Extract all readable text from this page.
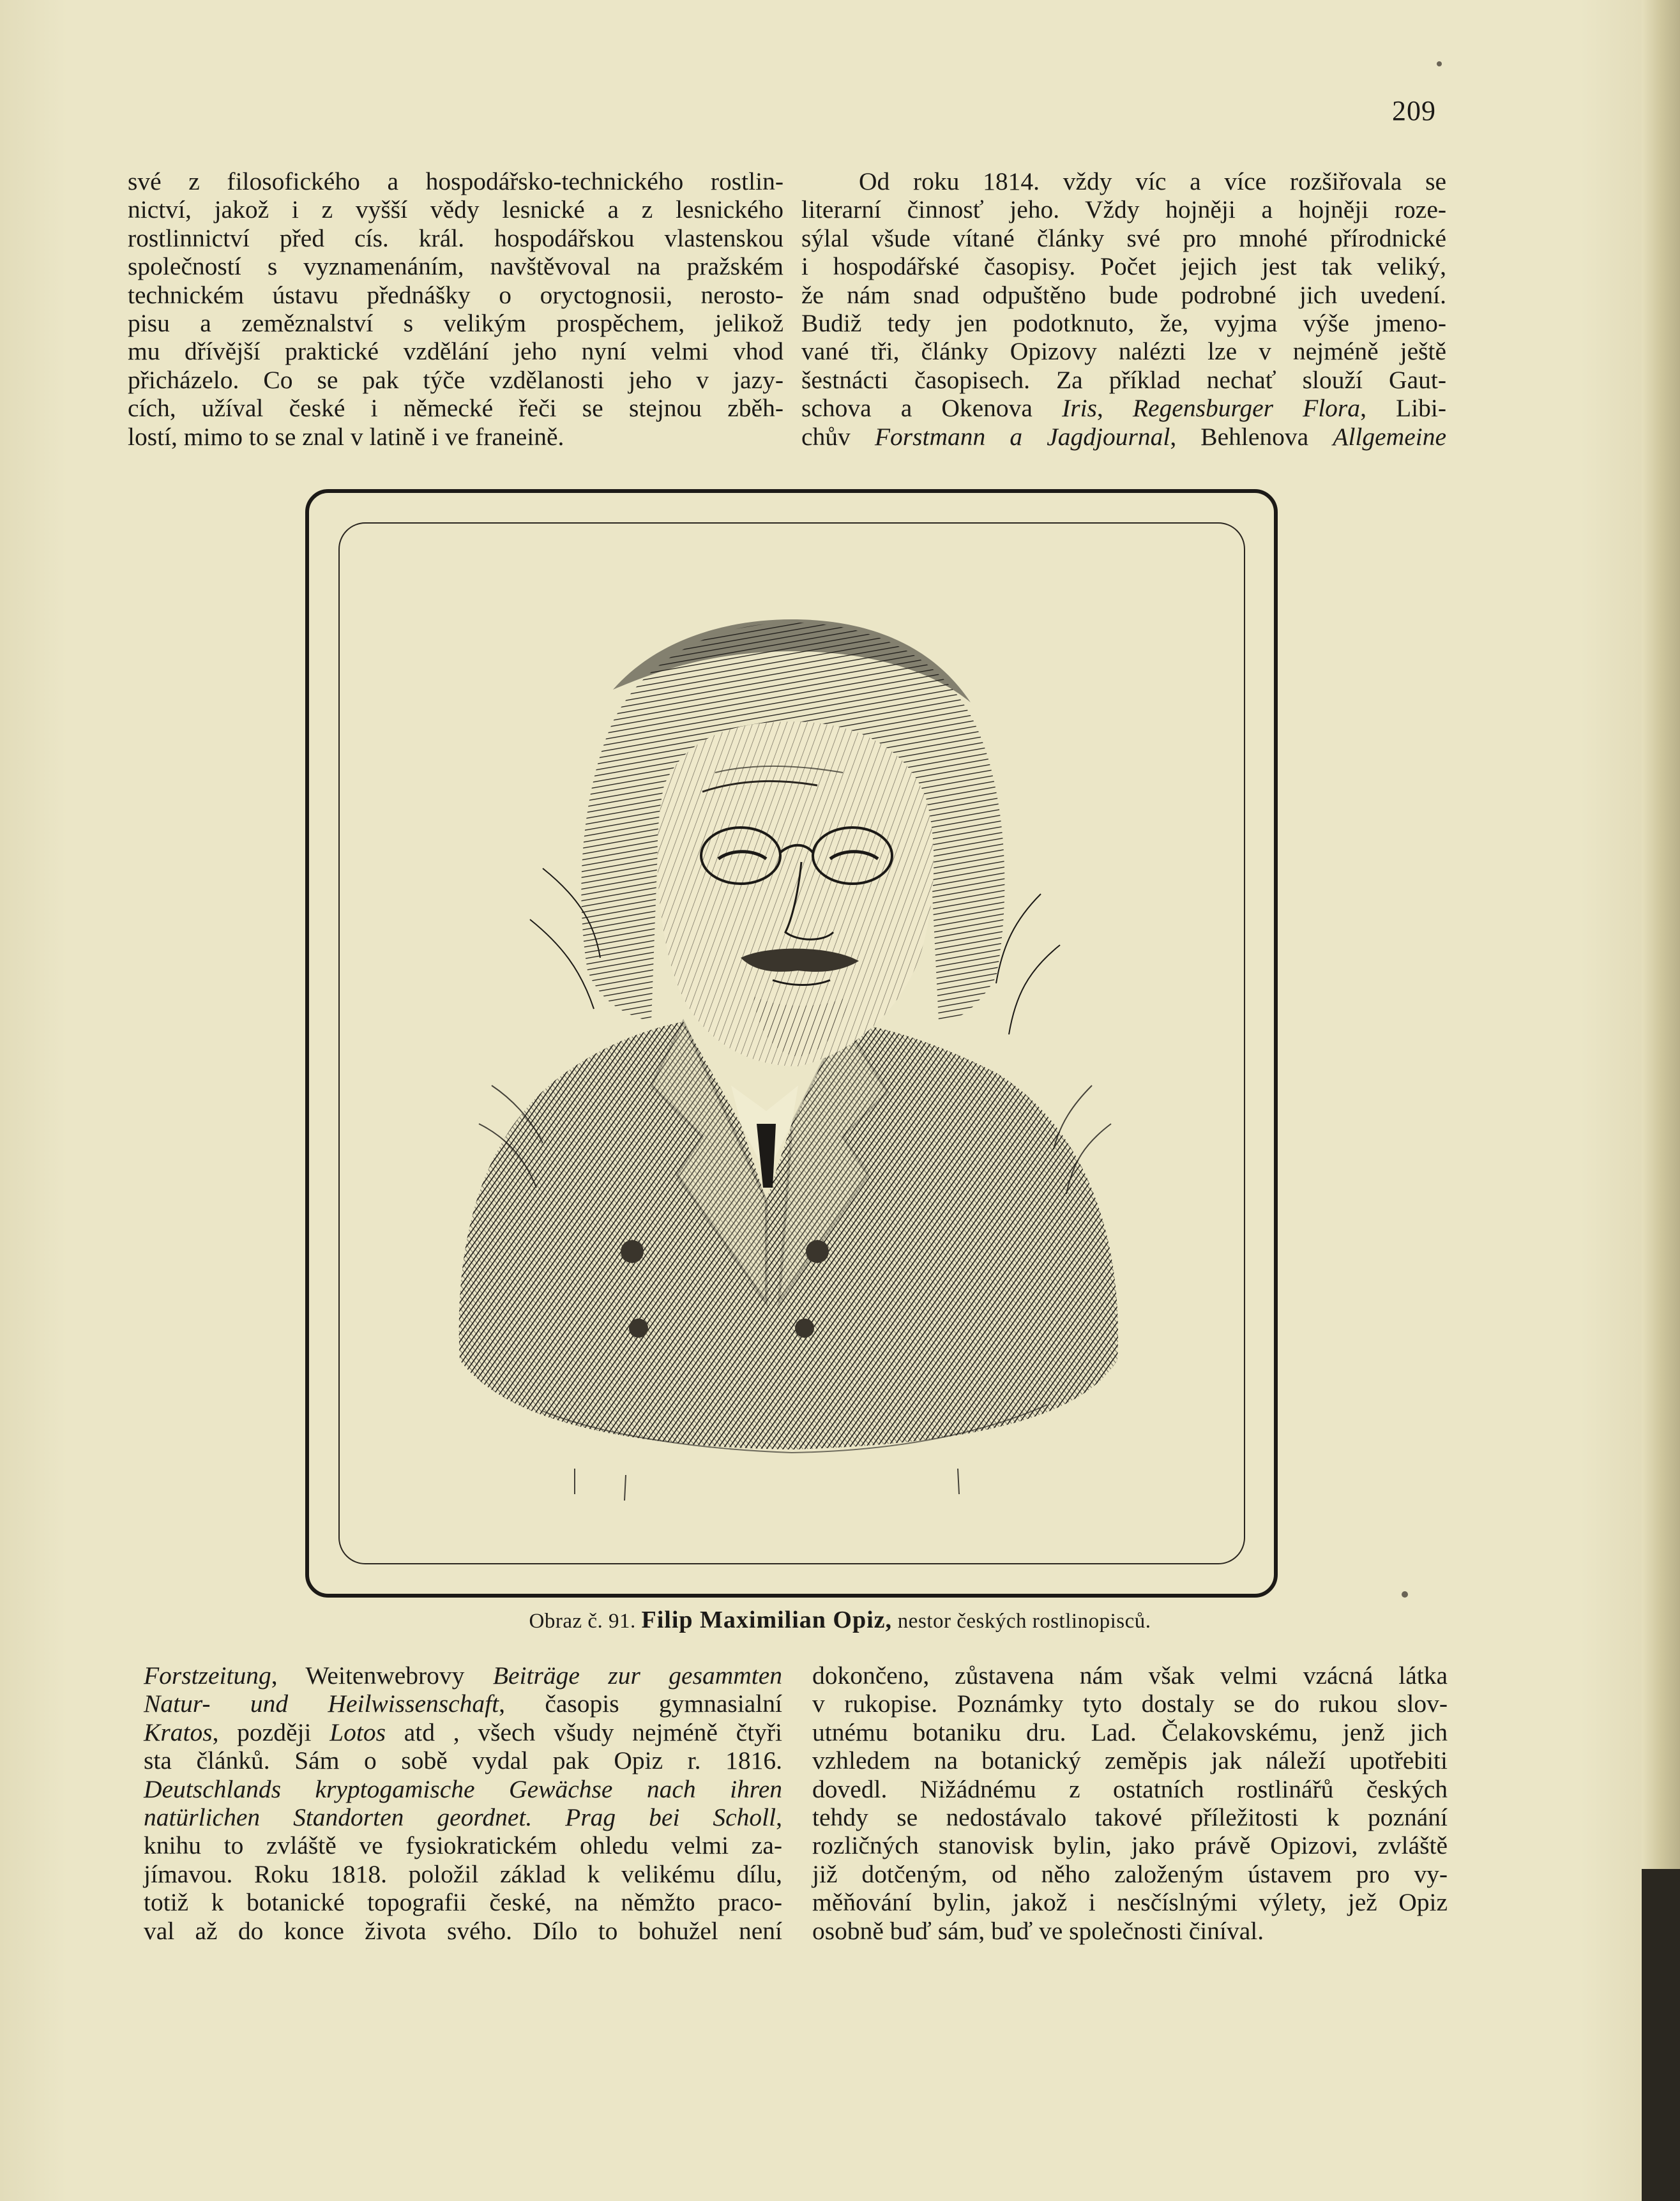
209

své z filosofického a hospodářsko-technického rostlin-

nictví, jakož i z vyšší vědy lesnické a z lesnického

rostlinnictví před cís. král. hospodářskou vlastenskou

společností s vyznamenáním, navštěvoval na pražském

technickém ústavu přednášky o oryctognosii, nerosto-

pisu a zeměznalství s velikým prospěchem, jelikož

mu dřívější praktické vzdělání jeho nyní velmi vhod

přicházelo. Co se pak týče vzdělanosti jeho v jazy-

cích, užíval české i německé řeči se stejnou zběh-

lostí, mimo to se znal v latině i ve franeině.

Od roku 1814. vždy víc a více rozšiřovala se

literarní činnosť jeho. Vždy hojněji a hojněji roze-

sýlal všude vítané články své pro mnohé přírodnické

i hospodářské časopisy. Počet jejich jest tak veliký,

že nám snad odpuštěno bude podrobné jich uvedení.

Budiž tedy jen podotknuto, že, vyjma výše jmeno-

vané tři, články Opizovy nalézti lze v nejméně ještě

šestnácti časopisech. Za příklad nechať slouží Gaut-

schova a Okenova Iris, Regensburger Flora, Libi-

chův Forstmann a Jagdjournal, Behlenova Allgemeine

Obraz č. 91. Filip Maximilian Opiz, nestor českých rostlinopisců.

Forstzeitung, Weitenwebrovy Beiträge zur gesammten

Natur- und Heilwissenschaft, časopis gymnasialní

Kratos, později Lotos atd , všech všudy nejméně čtyři

sta článků. Sám o sobě vydal pak Opiz r. 1816.

Deutschlands kryptogamische Gewächse nach ihren

natürlichen Standorten geordnet. Prag bei Scholl,

knihu to zvláště ve fysiokratickém ohledu velmi za-

jímavou. Roku 1818. položil základ k velikému dílu,

totiž k botanické topografii české, na němžto praco-

val až do konce života svého. Dílo to bohužel není

dokončeno, zůstavena nám však velmi vzácná látka

v rukopise. Poznámky tyto dostaly se do rukou slov-

utnému botaniku dru. Lad. Čelakovskému, jenž jich

vzhledem na botanický zeměpis jak náleží upotřebiti

dovedl. Nižádnému z ostatních rostlinářů českých

tehdy se nedostávalo takové příležitosti k poznání

rozličných stanovisk bylin, jako právě Opizovi, zvláště

již dotčeným, od něho založeným ústavem pro vy-

měňování bylin, jakož i nesčíslnými výlety, jež Opiz

osobně buď sám, buď ve společnosti činíval.
